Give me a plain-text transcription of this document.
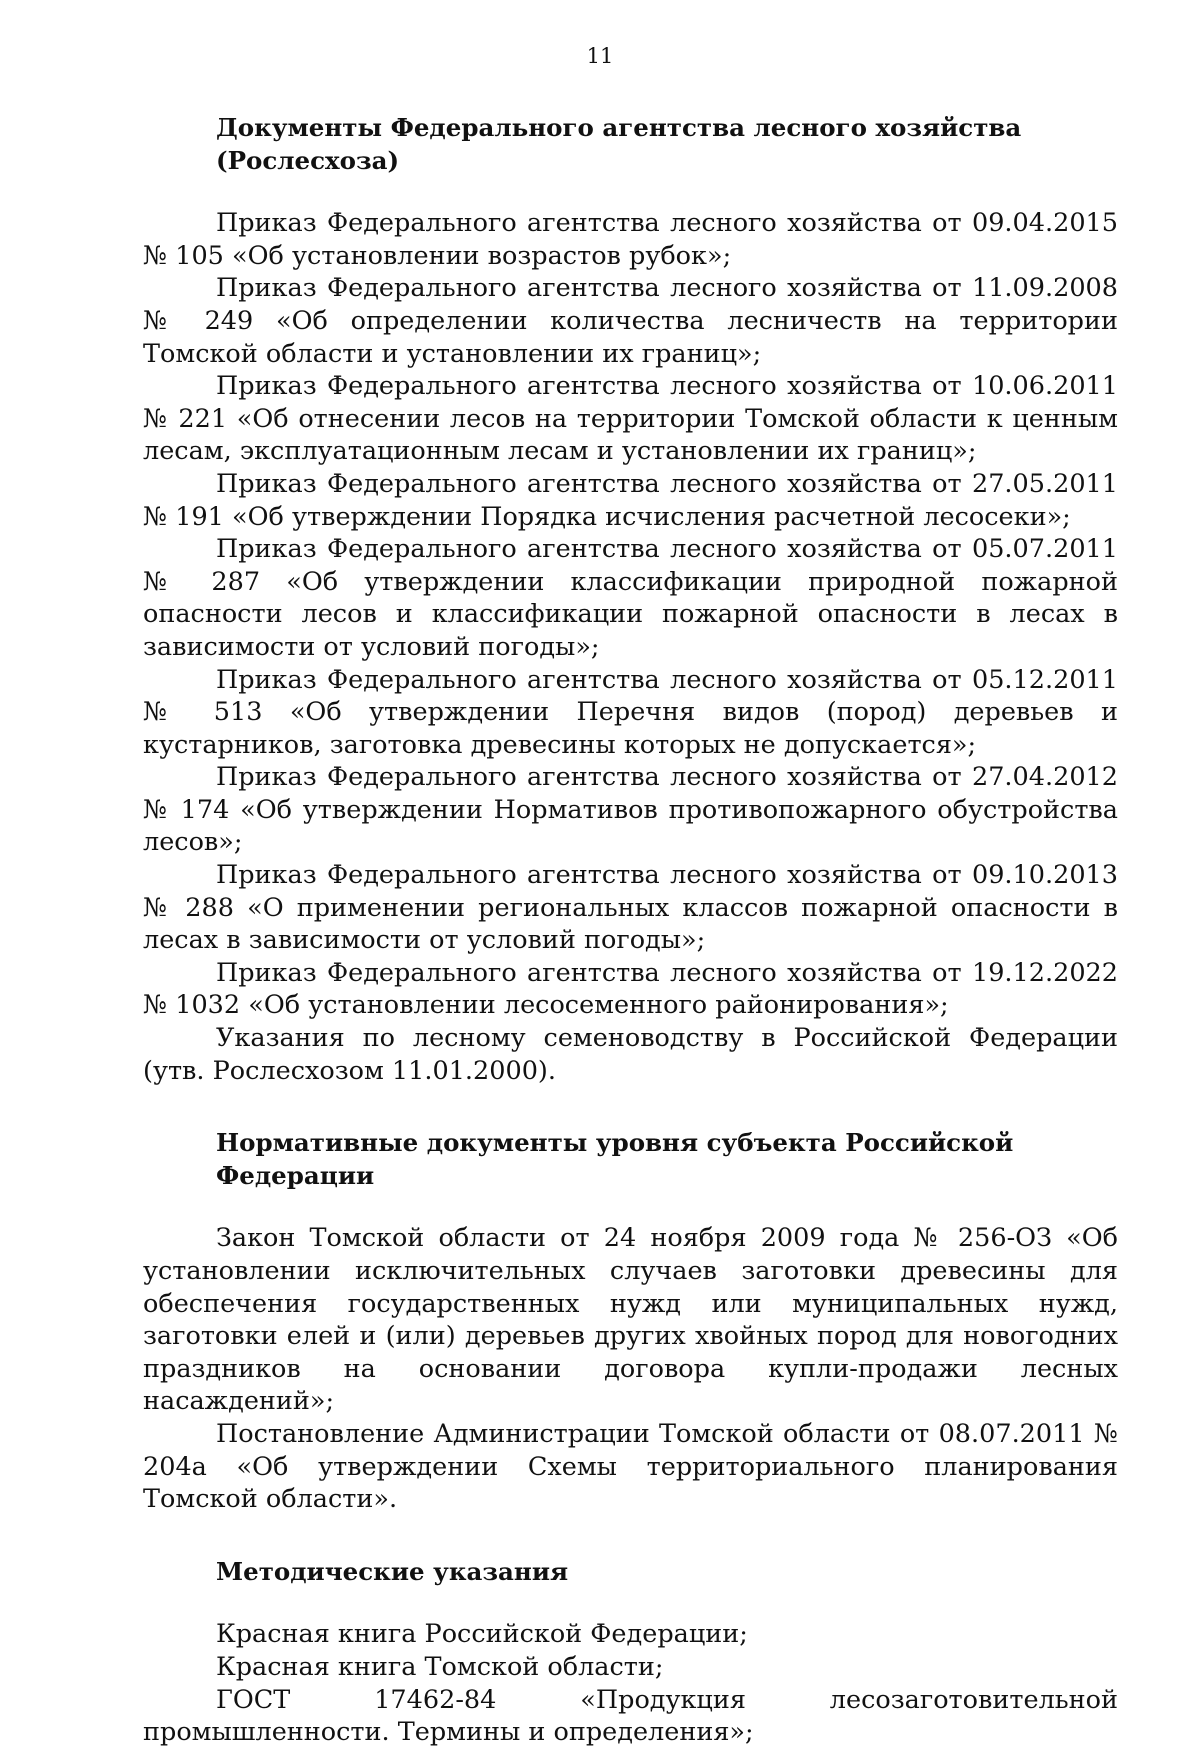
11
Документы Федерального агентства лесного хозяйства (Рослесхоза)

Приказ Федерального агентства лесного хозяйства от 09.04.2015 № 105 «Об установлении возрастов рубок»;

Приказ Федерального агентства лесного хозяйства от 11.09.2008 № 249 «Об определении количества лесничеств на территории Томской области и установлении их границ»;

Приказ Федерального агентства лесного хозяйства от 10.06.2011 № 221 «Об отнесении лесов на территории Томской области к ценным лесам, эксплуатационным лесам и установлении их границ»;

Приказ Федерального агентства лесного хозяйства от 27.05.2011 № 191 «Об утверждении Порядка исчисления расчетной лесосеки»;

Приказ Федерального агентства лесного хозяйства от 05.07.2011 № 287 «Об утверждении классификации природной пожарной опасности лесов и классификации пожарной опасности в лесах в зависимости от условий погоды»;

Приказ Федерального агентства лесного хозяйства от 05.12.2011 № 513 «Об утверждении Перечня видов (пород) деревьев и кустарников, заготовка древесины которых не допускается»;

Приказ Федерального агентства лесного хозяйства от 27.04.2012 № 174 «Об утверждении Нормативов противопожарного обустройства лесов»;

Приказ Федерального агентства лесного хозяйства от 09.10.2013 № 288 «О применении региональных классов пожарной опасности в лесах в зависимости от условий погоды»;

Приказ Федерального агентства лесного хозяйства от 19.12.2022 № 1032 «Об установлении лесосеменного районирования»;

Указания по лесному семеноводству в Российской Федерации (утв. Рослесхозом 11.01.2000).

Нормативные документы уровня субъекта Российской Федерации

Закон Томской области от 24 ноября 2009 года № 256-ОЗ «Об установлении исключительных случаев заготовки древесины для обеспечения государственных нужд или муниципальных нужд, заготовки елей и (или) деревьев других хвойных пород для новогодних праздников на основании договора купли-продажи лесных насаждений»;

Постановление Администрации Томской области от 08.07.2011 № 204а «Об утверждении Схемы территориального планирования Томской области».

Методические указания

Красная книга Российской Федерации;

Красная книга Томской области;

ГОСТ 17462-84 «Продукция лесозаготовительной промышленности. Термины и определения»;
